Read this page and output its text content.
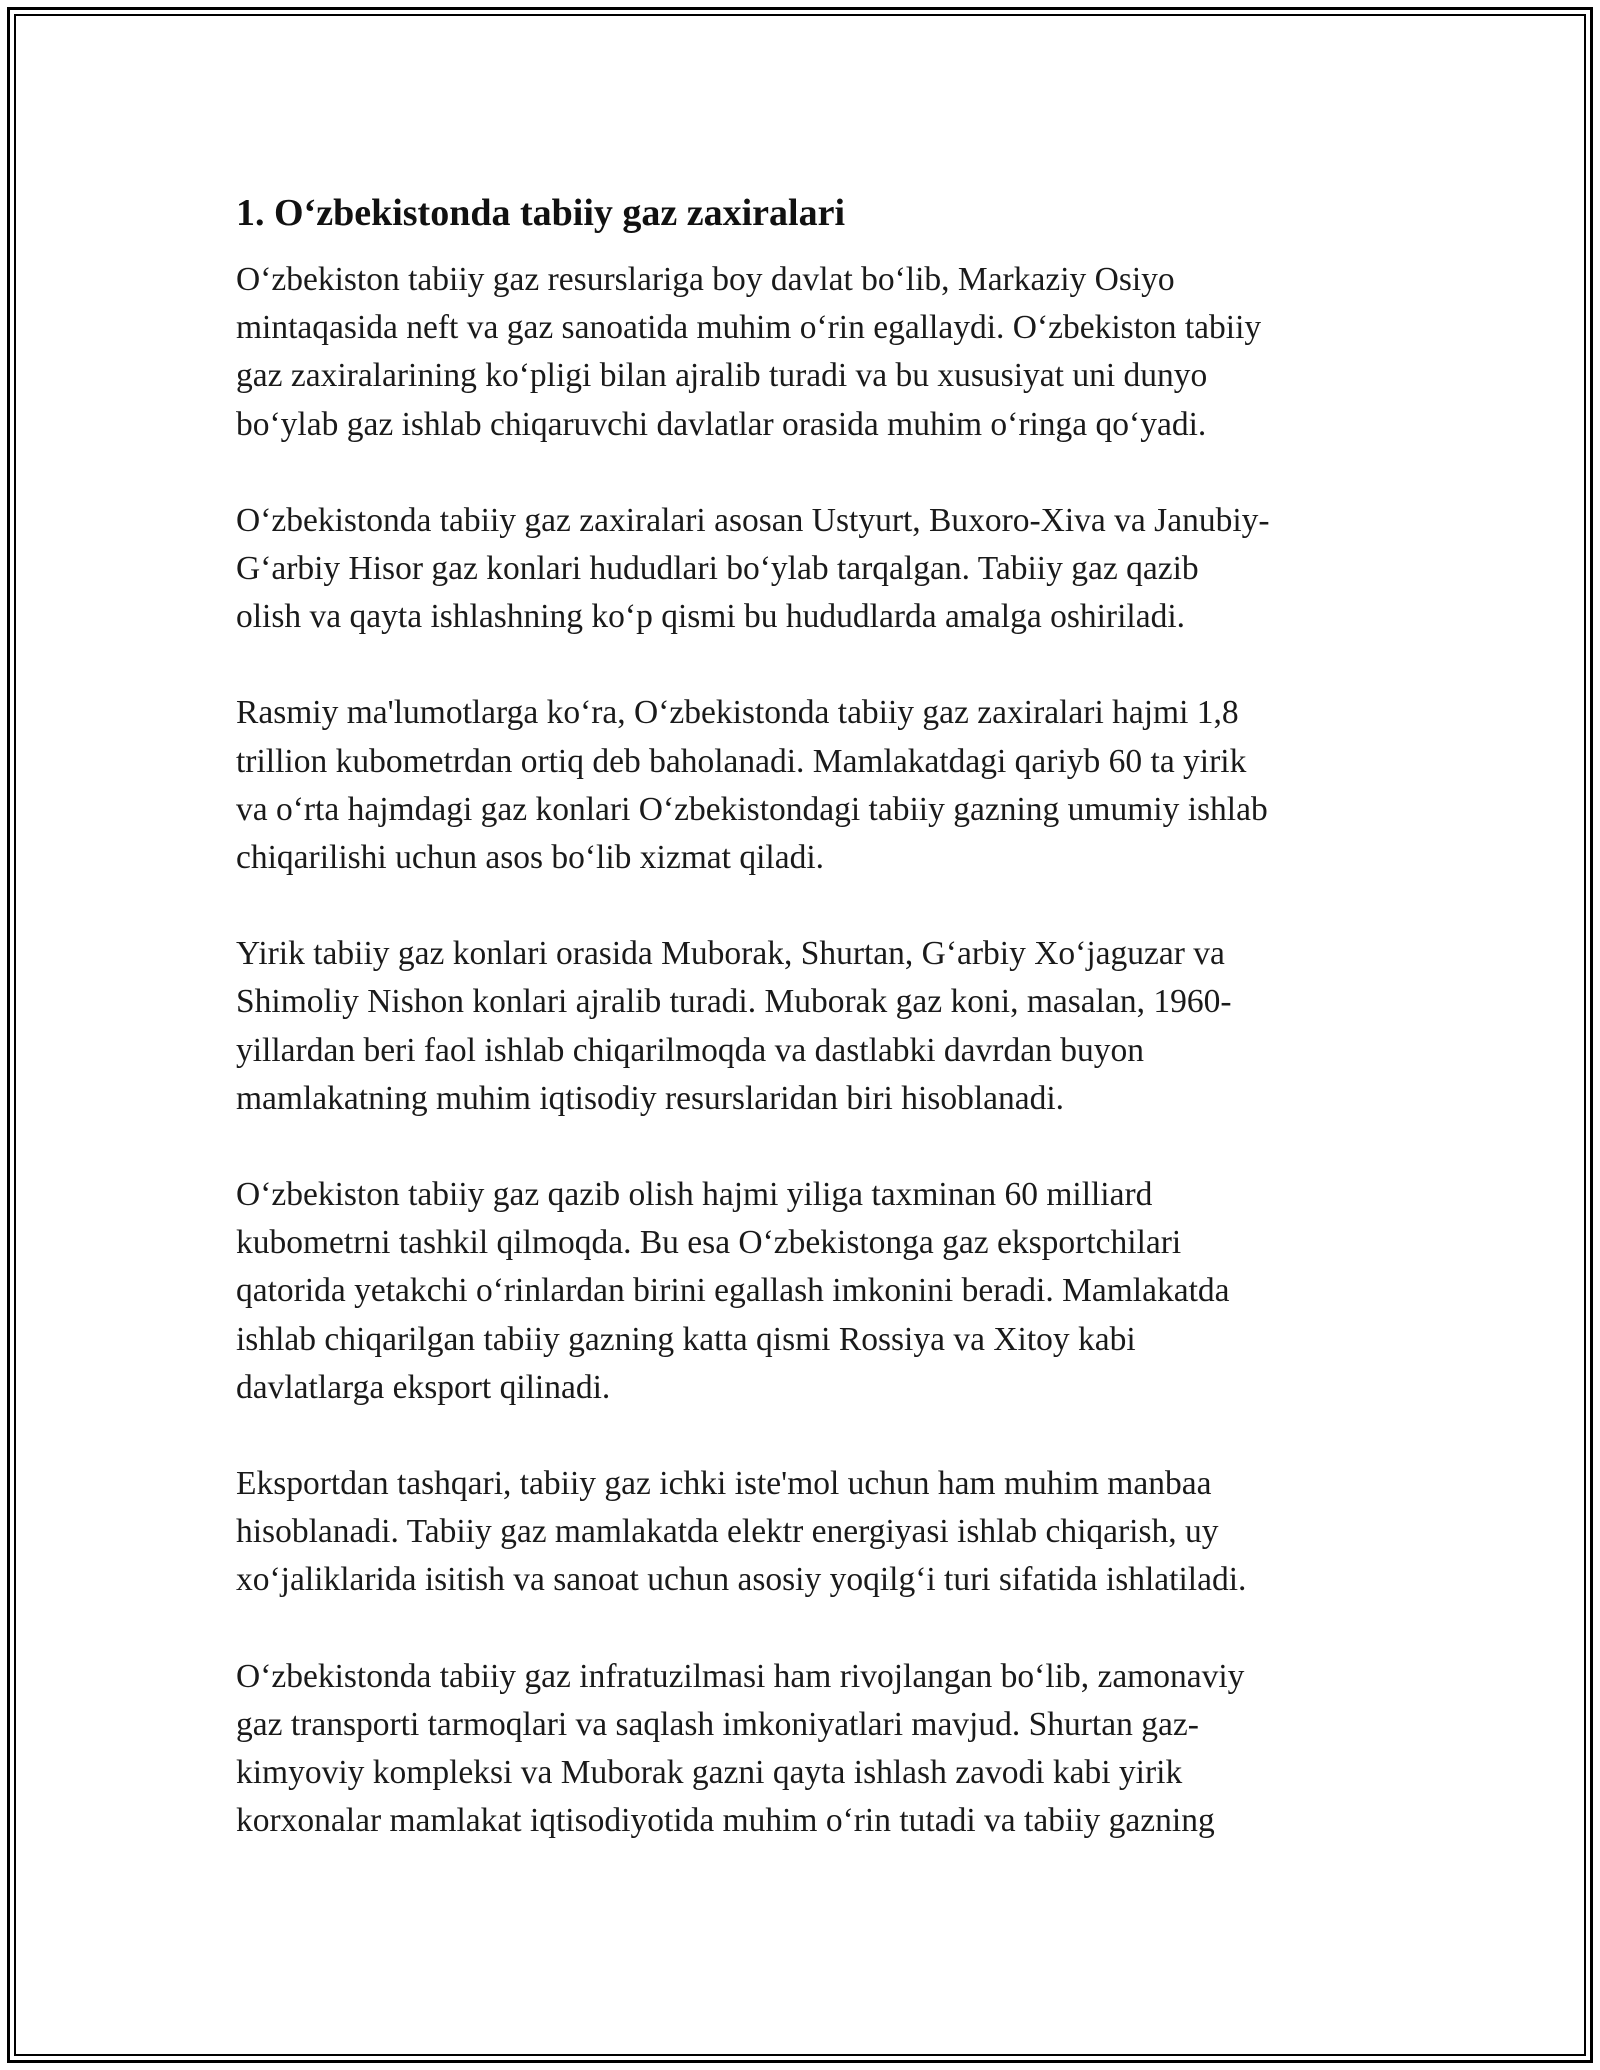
1. O‘zbekistonda tabiiy gaz zaxiralari

O‘zbekiston tabiiy gaz resurslariga boy davlat bo‘lib, Markaziy Osiyo
mintaqasida neft va gaz sanoatida muhim o‘rin egallaydi. O‘zbekiston tabiiy
gaz zaxiralarining ko‘pligi bilan ajralib turadi va bu xususiyat uni dunyo
bo‘ylab gaz ishlab chiqaruvchi davlatlar orasida muhim o‘ringa qo‘yadi.

O‘zbekistonda tabiiy gaz zaxiralari asosan Ustyurt, Buxoro-Xiva va Janubiy-
G‘arbiy Hisor gaz konlari hududlari bo‘ylab tarqalgan. Tabiiy gaz qazib
olish va qayta ishlashning ko‘p qismi bu hududlarda amalga oshiriladi.

Rasmiy ma'lumotlarga ko‘ra, O‘zbekistonda tabiiy gaz zaxiralari hajmi 1,8
trillion kubometrdan ortiq deb baholanadi. Mamlakatdagi qariyb 60 ta yirik
va o‘rta hajmdagi gaz konlari O‘zbekistondagi tabiiy gazning umumiy ishlab
chiqarilishi uchun asos bo‘lib xizmat qiladi.

Yirik tabiiy gaz konlari orasida Muborak, Shurtan, G‘arbiy Xo‘jaguzar va
Shimoliy Nishon konlari ajralib turadi. Muborak gaz koni, masalan, 1960-
yillardan beri faol ishlab chiqarilmoqda va dastlabki davrdan buyon
mamlakatning muhim iqtisodiy resurslaridan biri hisoblanadi.

O‘zbekiston tabiiy gaz qazib olish hajmi yiliga taxminan 60 milliard
kubometrni tashkil qilmoqda. Bu esa O‘zbekistonga gaz eksportchilari
qatorida yetakchi o‘rinlardan birini egallash imkonini beradi. Mamlakatda
ishlab chiqarilgan tabiiy gazning katta qismi Rossiya va Xitoy kabi
davlatlarga eksport qilinadi.

Eksportdan tashqari, tabiiy gaz ichki iste'mol uchun ham muhim manbaa
hisoblanadi. Tabiiy gaz mamlakatda elektr energiyasi ishlab chiqarish, uy
xo‘jaliklarida isitish va sanoat uchun asosiy yoqilg‘i turi sifatida ishlatiladi.

O‘zbekistonda tabiiy gaz infratuzilmasi ham rivojlangan bo‘lib, zamonaviy
gaz transporti tarmoqlari va saqlash imkoniyatlari mavjud. Shurtan gaz-
kimyoviy kompleksi va Muborak gazni qayta ishlash zavodi kabi yirik
korxonalar mamlakat iqtisodiyotida muhim o‘rin tutadi va tabiiy gazning
